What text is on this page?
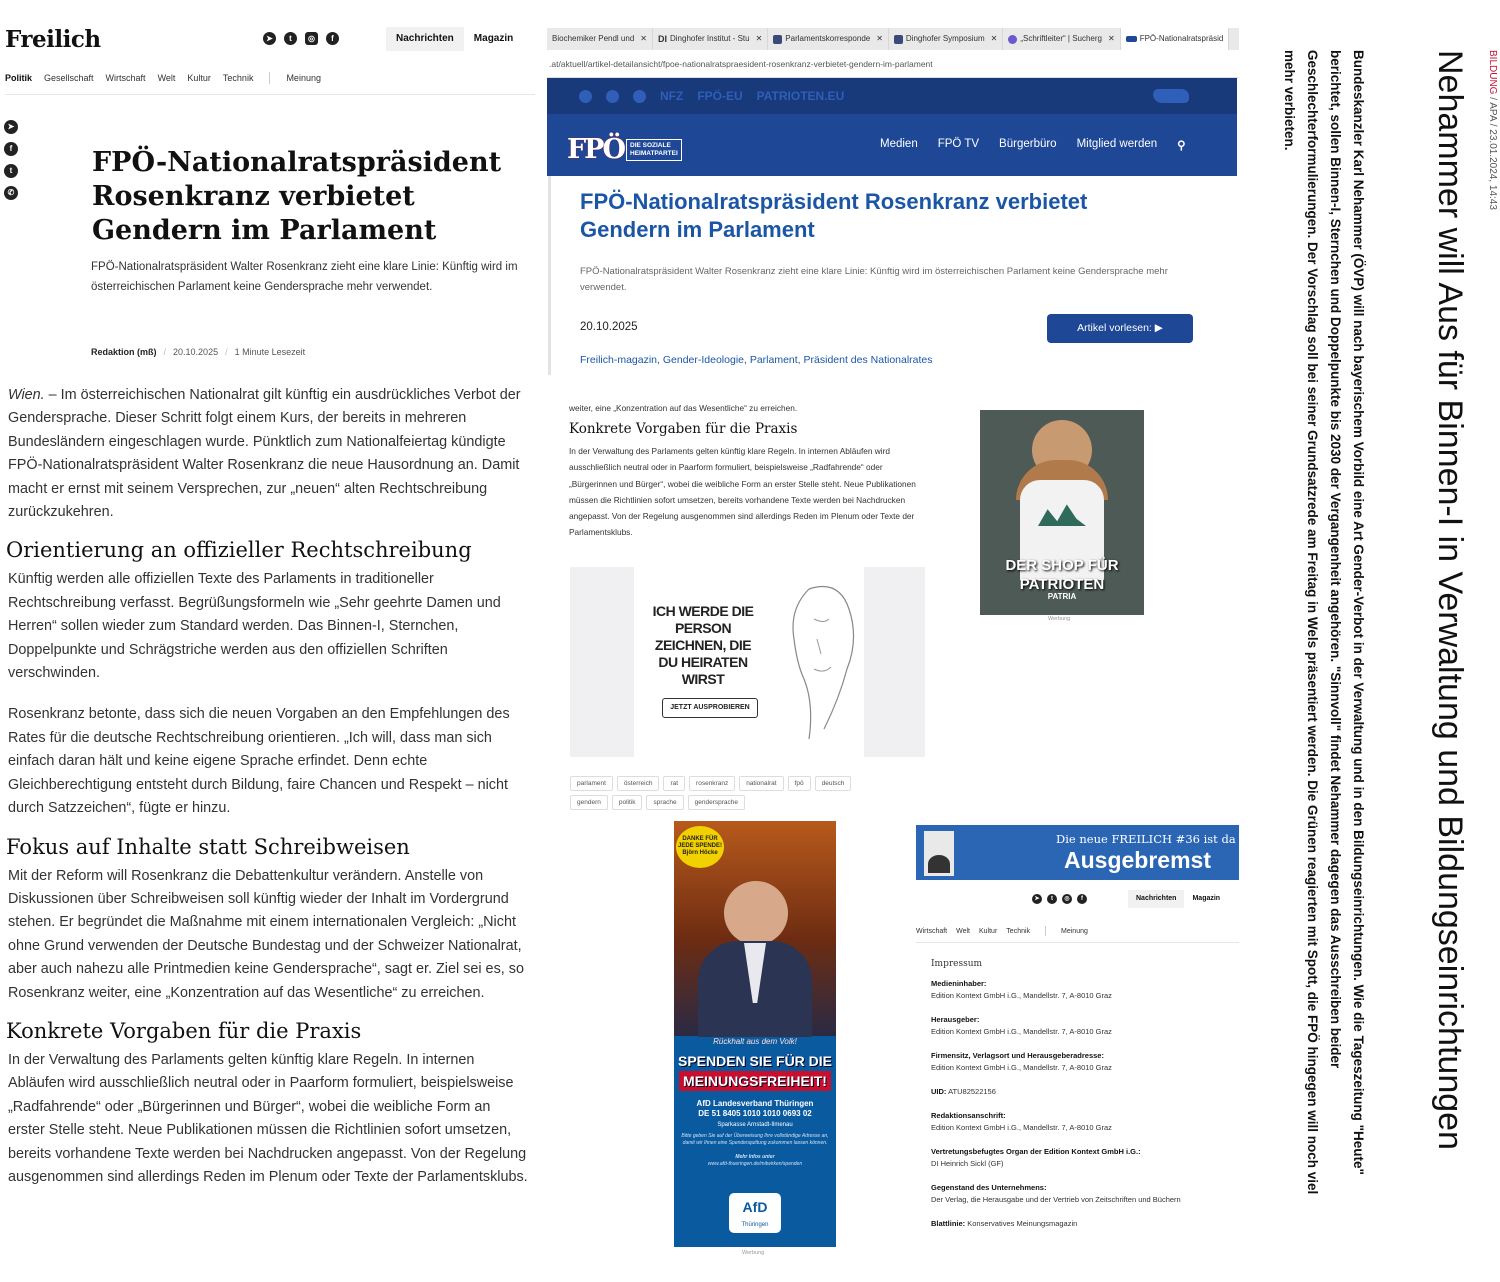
Freilich	➤	t	◎	f	Nachrichten	Magazin
Politik Gesellschaft Wirtschaft Welt Kultur Technik	Meinung
➤
f
t
✆
FPÖ-Nationalratspräsident Rosenkranz verbietet Gendern im Parlament

FPÖ-Nationalratspräsident Walter Rosenkranz zieht eine klare Linie: Künftig wird im österreichischen Parlament keine Gendersprache mehr verwendet.

Redaktion (mß) / 20.10.2025 / 1 Minute Lesezeit

Wien. – Im österreichischen Nationalrat gilt künftig ein ausdrückliches Verbot der Gendersprache. Dieser Schritt folgt einem Kurs, der bereits in mehreren Bundesländern eingeschlagen wurde. Pünktlich zum Nationalfeiertag kündigte FPÖ-Nationalratspräsident Walter Rosenkranz die neue Hausordnung an. Damit macht er ernst mit seinem Versprechen, zur „neuen“ alten Rechtschreibung zurückzukehren.

Orientierung an offizieller Rechtschreibung

Künftig werden alle offiziellen Texte des Parlaments in traditioneller Rechtschreibung verfasst. Begrüßungsformeln wie „Sehr geehrte Damen und Herren“ sollen wieder zum Standard werden. Das Binnen-I, Sternchen, Doppelpunkte und Schrägstriche werden aus den offiziellen Schriften verschwinden.

Rosenkranz betonte, dass sich die neuen Vorgaben an den Empfehlungen des Rates für die deutsche Rechtschreibung orientieren. „Ich will, dass man sich einfach daran hält und keine eigene Sprache erfindet. Denn echte Gleichberechtigung entsteht durch Bildung, faire Chancen und Respekt – nicht durch Satzzeichen“, fügte er hinzu.

Fokus auf Inhalte statt Schreibweisen

Mit der Reform will Rosenkranz die Debattenkultur verändern. Anstelle von Diskussionen über Schreibweisen soll künftig wieder der Inhalt im Vordergrund stehen. Er begründet die Maßnahme mit einem internationalen Vergleich: „Nicht ohne Grund verwenden der Deutsche Bundestag und der Schweizer Nationalrat, aber auch nahezu alle Printmedien keine Gendersprache“, sagt er. Ziel sei es, so Rosenkranz weiter, eine „Konzentration auf das Wesentliche“ zu erreichen.

Konkrete Vorgaben für die Praxis

In der Verwaltung des Parlaments gelten künftig klare Regeln. In internen Abläufen wird ausschließlich neutral oder in Paarform formuliert, beispielsweise „Radfahrende“ oder „Bürgerinnen und Bürger“, wobei die weibliche Form an erster Stelle steht. Neue Publikationen müssen die Richtlinien sofort umsetzen, bereits vorhandene Texte werden bei Nachdrucken angepasst. Von der Regelung ausgenommen sind allerdings Reden im Plenum oder Texte der Parlamentsklubs.

Biochemiker Pendl und ✕ DI Dinghofer Institut - Stu ✕	Parlamentskorresponde ✕	Dinghofer Symposium ✕	„Schriftleiter“ | Sucherg ✕	FPÖ-Nationalratspräsid
.at/aktuell/artikel-detailansicht/fpoe-nationalratspraesident-rosenkranz-verbietet-gendern-im-parlament
NFZ FPÖ-EU PATRIOTEN.EU
FPÖ DIE SOZIALE HEIMATPARTEI
Medien FPÖ TV Bürgerbüro Mitglied werden ⚲
FPÖ-Nationalratspräsident Rosenkranz verbietet Gendern im Parlament
FPÖ-Nationalratspräsident Walter Rosenkranz zieht eine klare Linie: Künftig wird im österreichischen Parlament keine Gendersprache mehr verwendet.
20.10.2025	Artikel vorlesen: ▶
Freilich-magazin, Gender-Ideologie, Parlament, Präsident des Nationalrates

weiter, eine „Konzentration auf das Wesentliche“ zu erreichen.

Konkrete Vorgaben für die Praxis

In der Verwaltung des Parlaments gelten künftig klare Regeln. In internen Abläufen wird ausschließlich neutral oder in Paarform formuliert, beispielsweise „Radfahrende“ oder „Bürgerinnen und Bürger“, wobei die weibliche Form an erster Stelle steht. Neue Publikationen müssen die Richtlinien sofort umsetzen, bereits vorhandene Texte werden bei Nachdrucken angepasst. Von der Regelung ausgenommen sind allerdings Reden im Plenum oder Texte der Parlamentsklubs.

ICH WERDE DIE PERSON ZEICHNEN, DIE DU HEIRATEN WIRST
JETZT AUSPROBIEREN
DER SHOP FÜR PATRIOTEN
PATRIA
Werbung
parlament	österreich	rat	rosenkranz	nationalrat	fpö	deutsch
gendern	politik	sprache	gendersprache
DANKE FÜR JEDE SPENDE! Björn Höcke
Rückhalt aus dem Volk!
SPENDEN SIE FÜR DIE
MEINUNGSFREIHEIT!
AfD Landesverband Thüringen
DE 51 8405 1010 1010 0693 02
Sparkasse Arnstadt-Ilmenau
Bitte geben Sie auf der Überweisung Ihre vollständige Adresse an, damit wir Ihnen eine Spendenquittung zukommen lassen können.

Mehr Infos unter
www.afd-thueringen.de/mitwirken/spenden
AfD
Thüringen
Werbung
Die neue FREILICH #36 ist da
Ausgebremst
➤	t	◎	f	Nachrichten	Magazin
Wirtschaft Welt Kultur Technik	Meinung
Impressum
Medieninhaber:
Edition Kontext GmbH i.G., Mandellstr. 7, A-8010 Graz
Herausgeber:
Edition Kontext GmbH i.G., Mandellstr. 7, A-8010 Graz
Firmensitz, Verlagsort und Herausgeberadresse:
Edition Kontext GmbH i.G., Mandellstr. 7, A-8010 Graz
UID: ATU82522156
Redaktionsanschrift:
Edition Kontext GmbH i.G., Mandellstr. 7, A-8010 Graz
Vertretungsbefugtes Organ der Edition Kontext GmbH i.G.:
DI Heinrich Sickl (GF)
Gegenstand des Unternehmens:
Der Verlag, die Herausgabe und der Vertrieb von Zeitschriften und Büchern
Blattlinie: Konservatives Meinungsmagazin
BILDUNG / APA / 23.01.2024, 14:43
Nehammer will Aus für Binnen-I in Verwaltung und Bildungseinrichtungen
Bundeskanzler Karl Nehammer (ÖVP) will nach bayerischem Vorbild eine Art Gender-Verbot in der Verwaltung und in den Bildungseinrichtungen. Wie die Tageszeitung "Heute" berichtet, sollen Binnen-I, Sternchen und Doppelpunkte bis 2030 der Vergangenheit angehören. "Sinnvoll" findet Nehammer dagegen das Ausschreiben beider Geschlechterformulierungen. Der Vorschlag soll bei seiner Grundsatzrede am Freitag in Wels präsentiert werden. Die Grünen reagierten mit Spott, die FPÖ hingegen will noch viel mehr verbieten.
